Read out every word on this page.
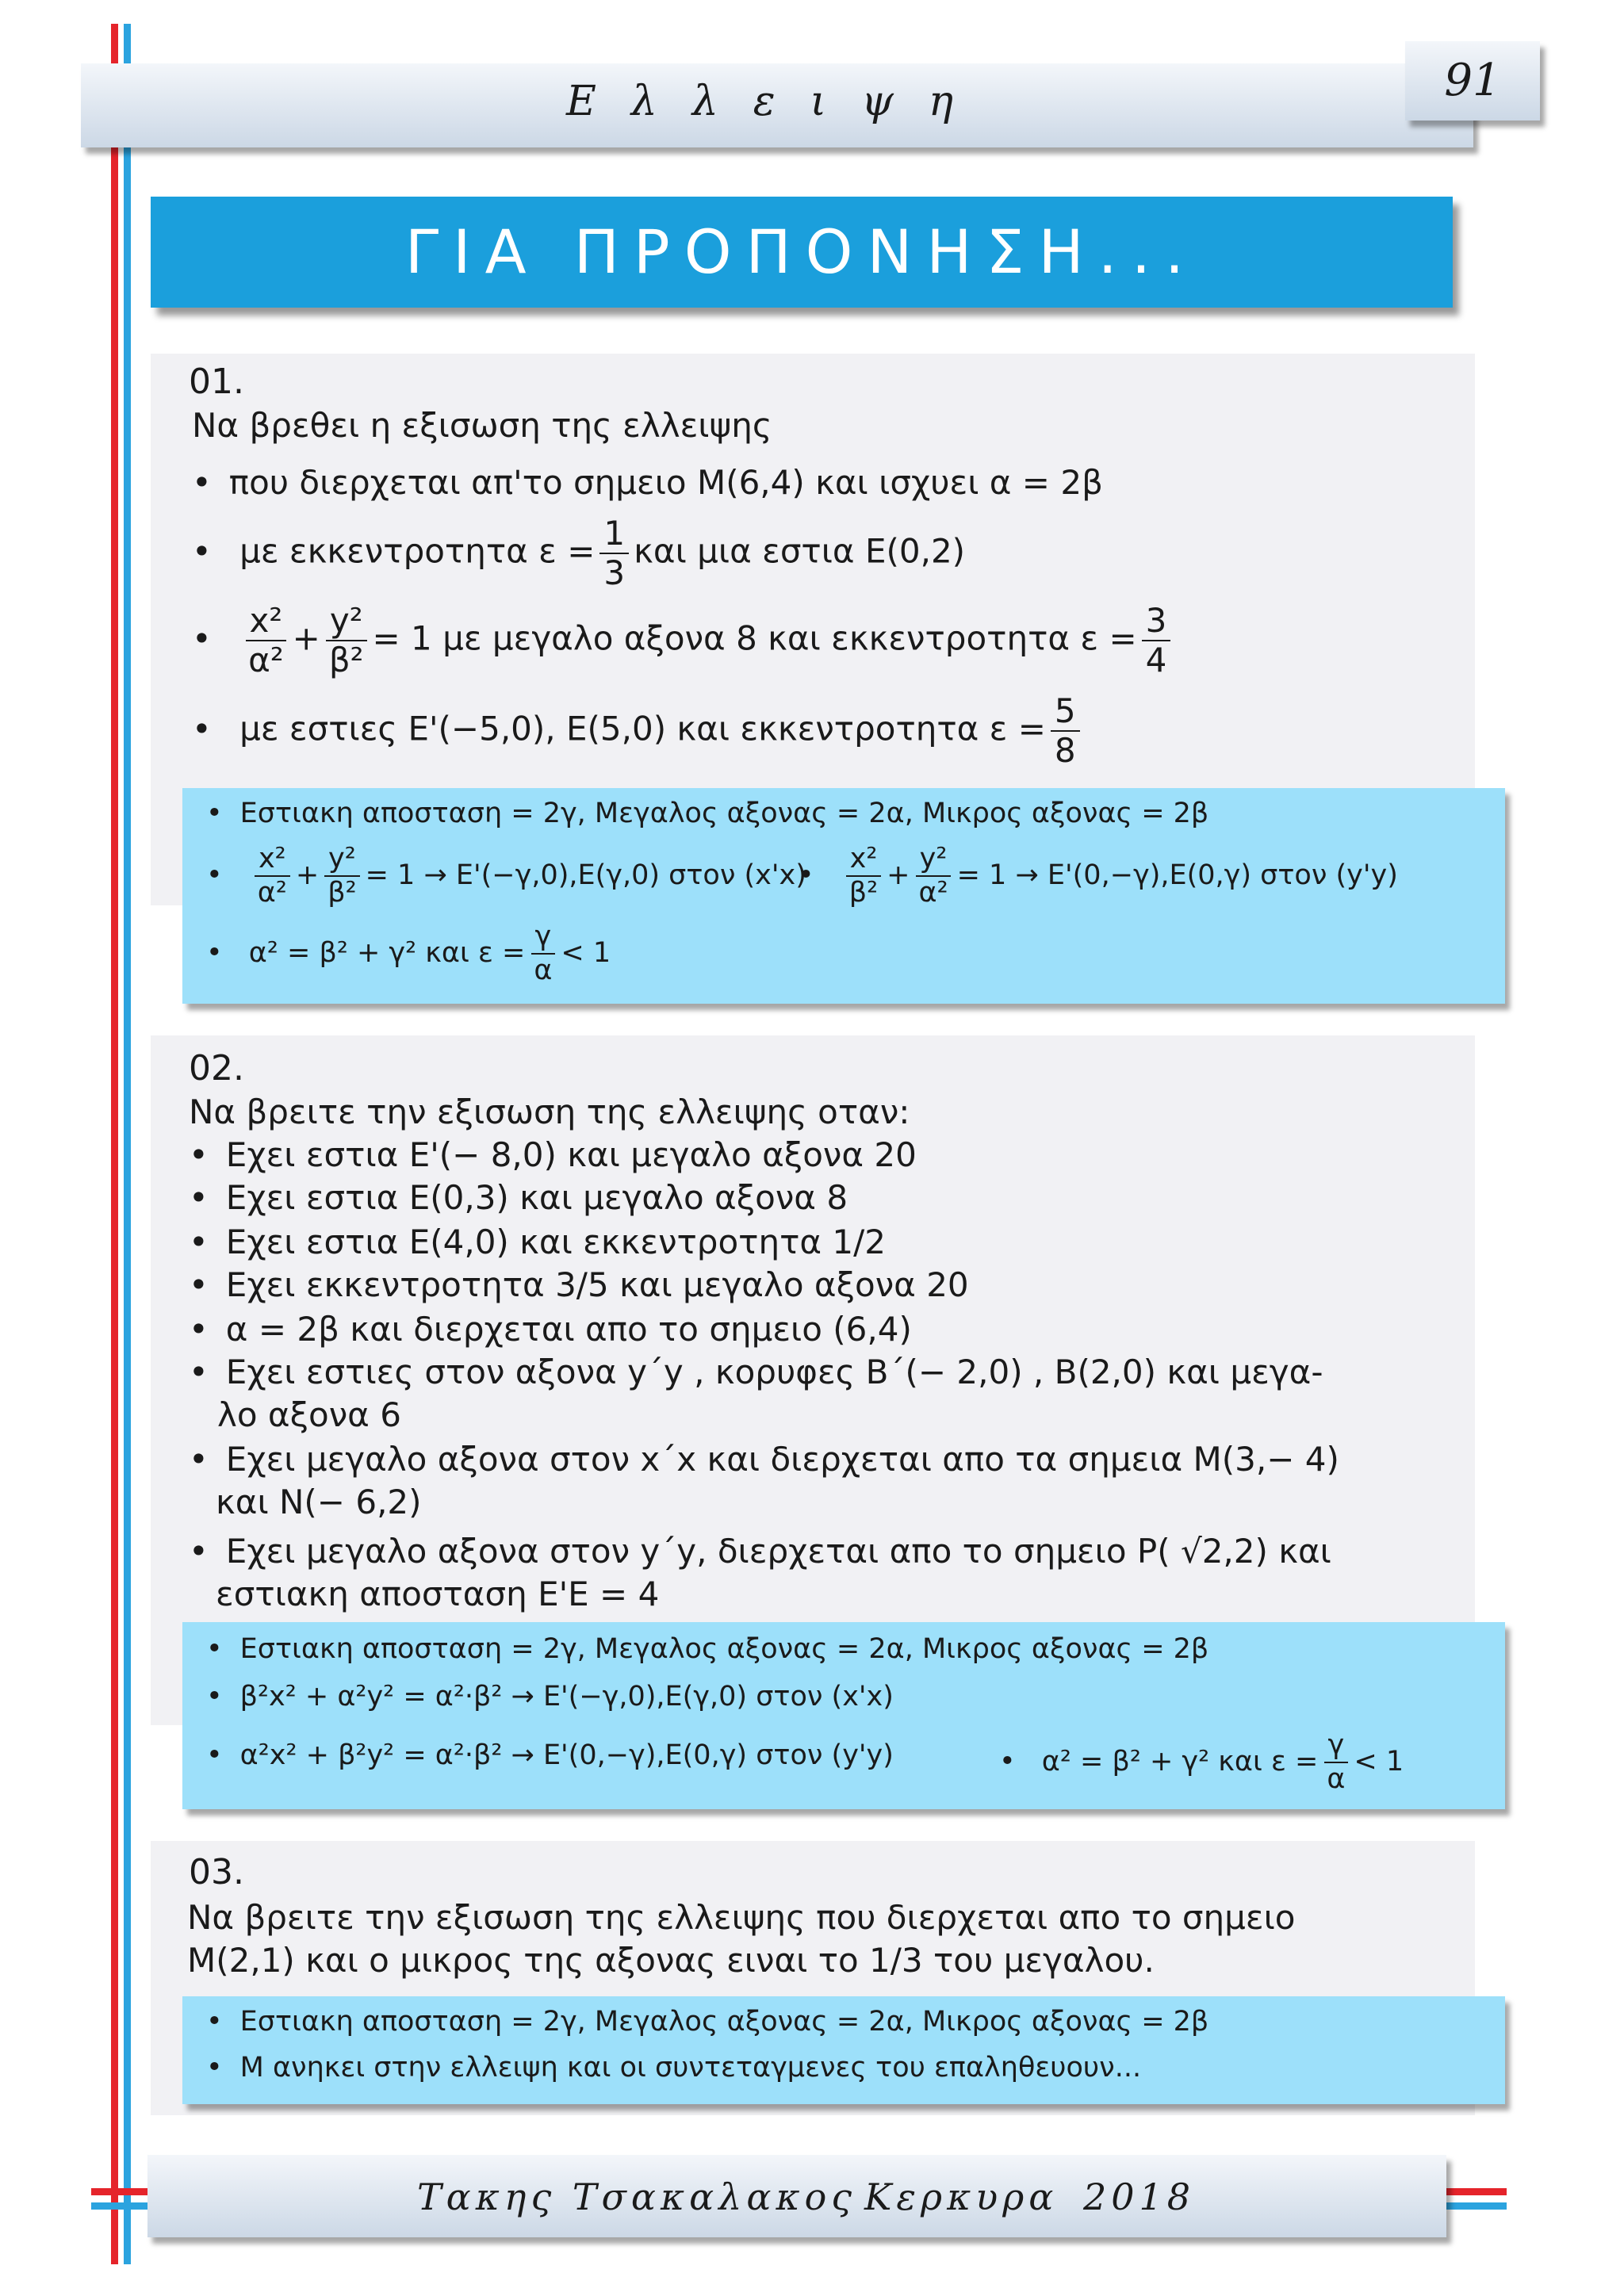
Ελλειψη	91
ΓΙΑ ΠΡΟΠΟΝΗΣΗ...
01.
Να βρεθει η εξισωση της ελλειψης
• που διερχεται απ'το σημειο Μ(6,4) και ισχυει α = 2β
• με εκκεντροτητα $\varepsilon = \frac{1}{3}$ και μια εστια Ε(0,2)

• $\frac{\text{x²}}{\text{α²}} + \frac{\text{y²}}{\text{β²}} = 1$ με μεγαλο αξονα 8 και εκκεντροτητα $\varepsilon = \frac{3}{4}$
• με εστιες Ε'(−5,0), Ε(5,0) και εκκεντροτητα $\varepsilon = \frac{5}{8}$
• Εστιακη αποσταση = 2γ, Μεγαλος αξονας = 2α, Μικρος αξονας = 2β

• $\frac{\text{x²}}{\text{α²}} + \frac{\text{y²}}{\text{β²}} = 1 \to E'(-\gamma,0),E(\gamma,0)$ στον (x'x)
• $\frac{\text{x²}}{\text{β²}} + \frac{\text{y²}}{\text{α²}} = 1 \to E'(0,-\gamma),E(0,\gamma)$ στον (y'y)
• α² = β² + γ² και $\varepsilon = \frac{\gamma}{\alpha} < 1$
02.
Να βρειτε την εξισωση της ελλειψης οταν:
• Εχει εστια Ε'(− 8,0) και μεγαλο αξονα 20
• Εχει εστια Ε(0,3) και μεγαλο αξονα 8
• Εχει εστια Ε(4,0) και εκκεντροτητα 1/2
• Εχει εκκεντροτητα 3/5 και μεγαλο αξονα 20
• α = 2β και διερχεται απο το σημειο (6,4)
• Εχει εστιες στον αξονα y΄y , κορυφες Β΄(− 2,0) , Β(2,0) και μεγα-
λο αξονα 6
• Εχει μεγαλο αξονα στον x΄x και διερχεται απο τα σημεια Μ(3,− 4)
και Ν(− 6,2)
• Εχει μεγαλο αξονα στον y΄y, διερχεται απο το σημειο Ρ( √2,2) και
εστιακη αποσταση Ε'Ε = 4
• Εστιακη αποσταση = 2γ, Μεγαλος αξονας = 2α, Μικρος αξονας = 2β
• β²x² + α²y² = α²·β² → Ε'(−γ,0),Ε(γ,0) στον (x'x)
• α²x² + β²y² = α²·β² → Ε'(0,−γ),Ε(0,γ) στον (y'y)	• α² = β² + γ² και $\varepsilon = \frac{\gamma}{\alpha} < 1$
03.
Να βρειτε την εξισωση της ελλειψης που διερχεται απο το σημειο
Μ(2,1) και ο μικρος της αξονας ειναι το 1/3 του μεγαλου.
• Εστιακη αποσταση = 2γ, Μεγαλος αξονας = 2α, Μικρος αξονας = 2β
• Μ ανηκει στην ελλειψη και οι συντεταγμενες του επαληθευουν...
Τακης Τσακαλακος Κερκυρα 2018
